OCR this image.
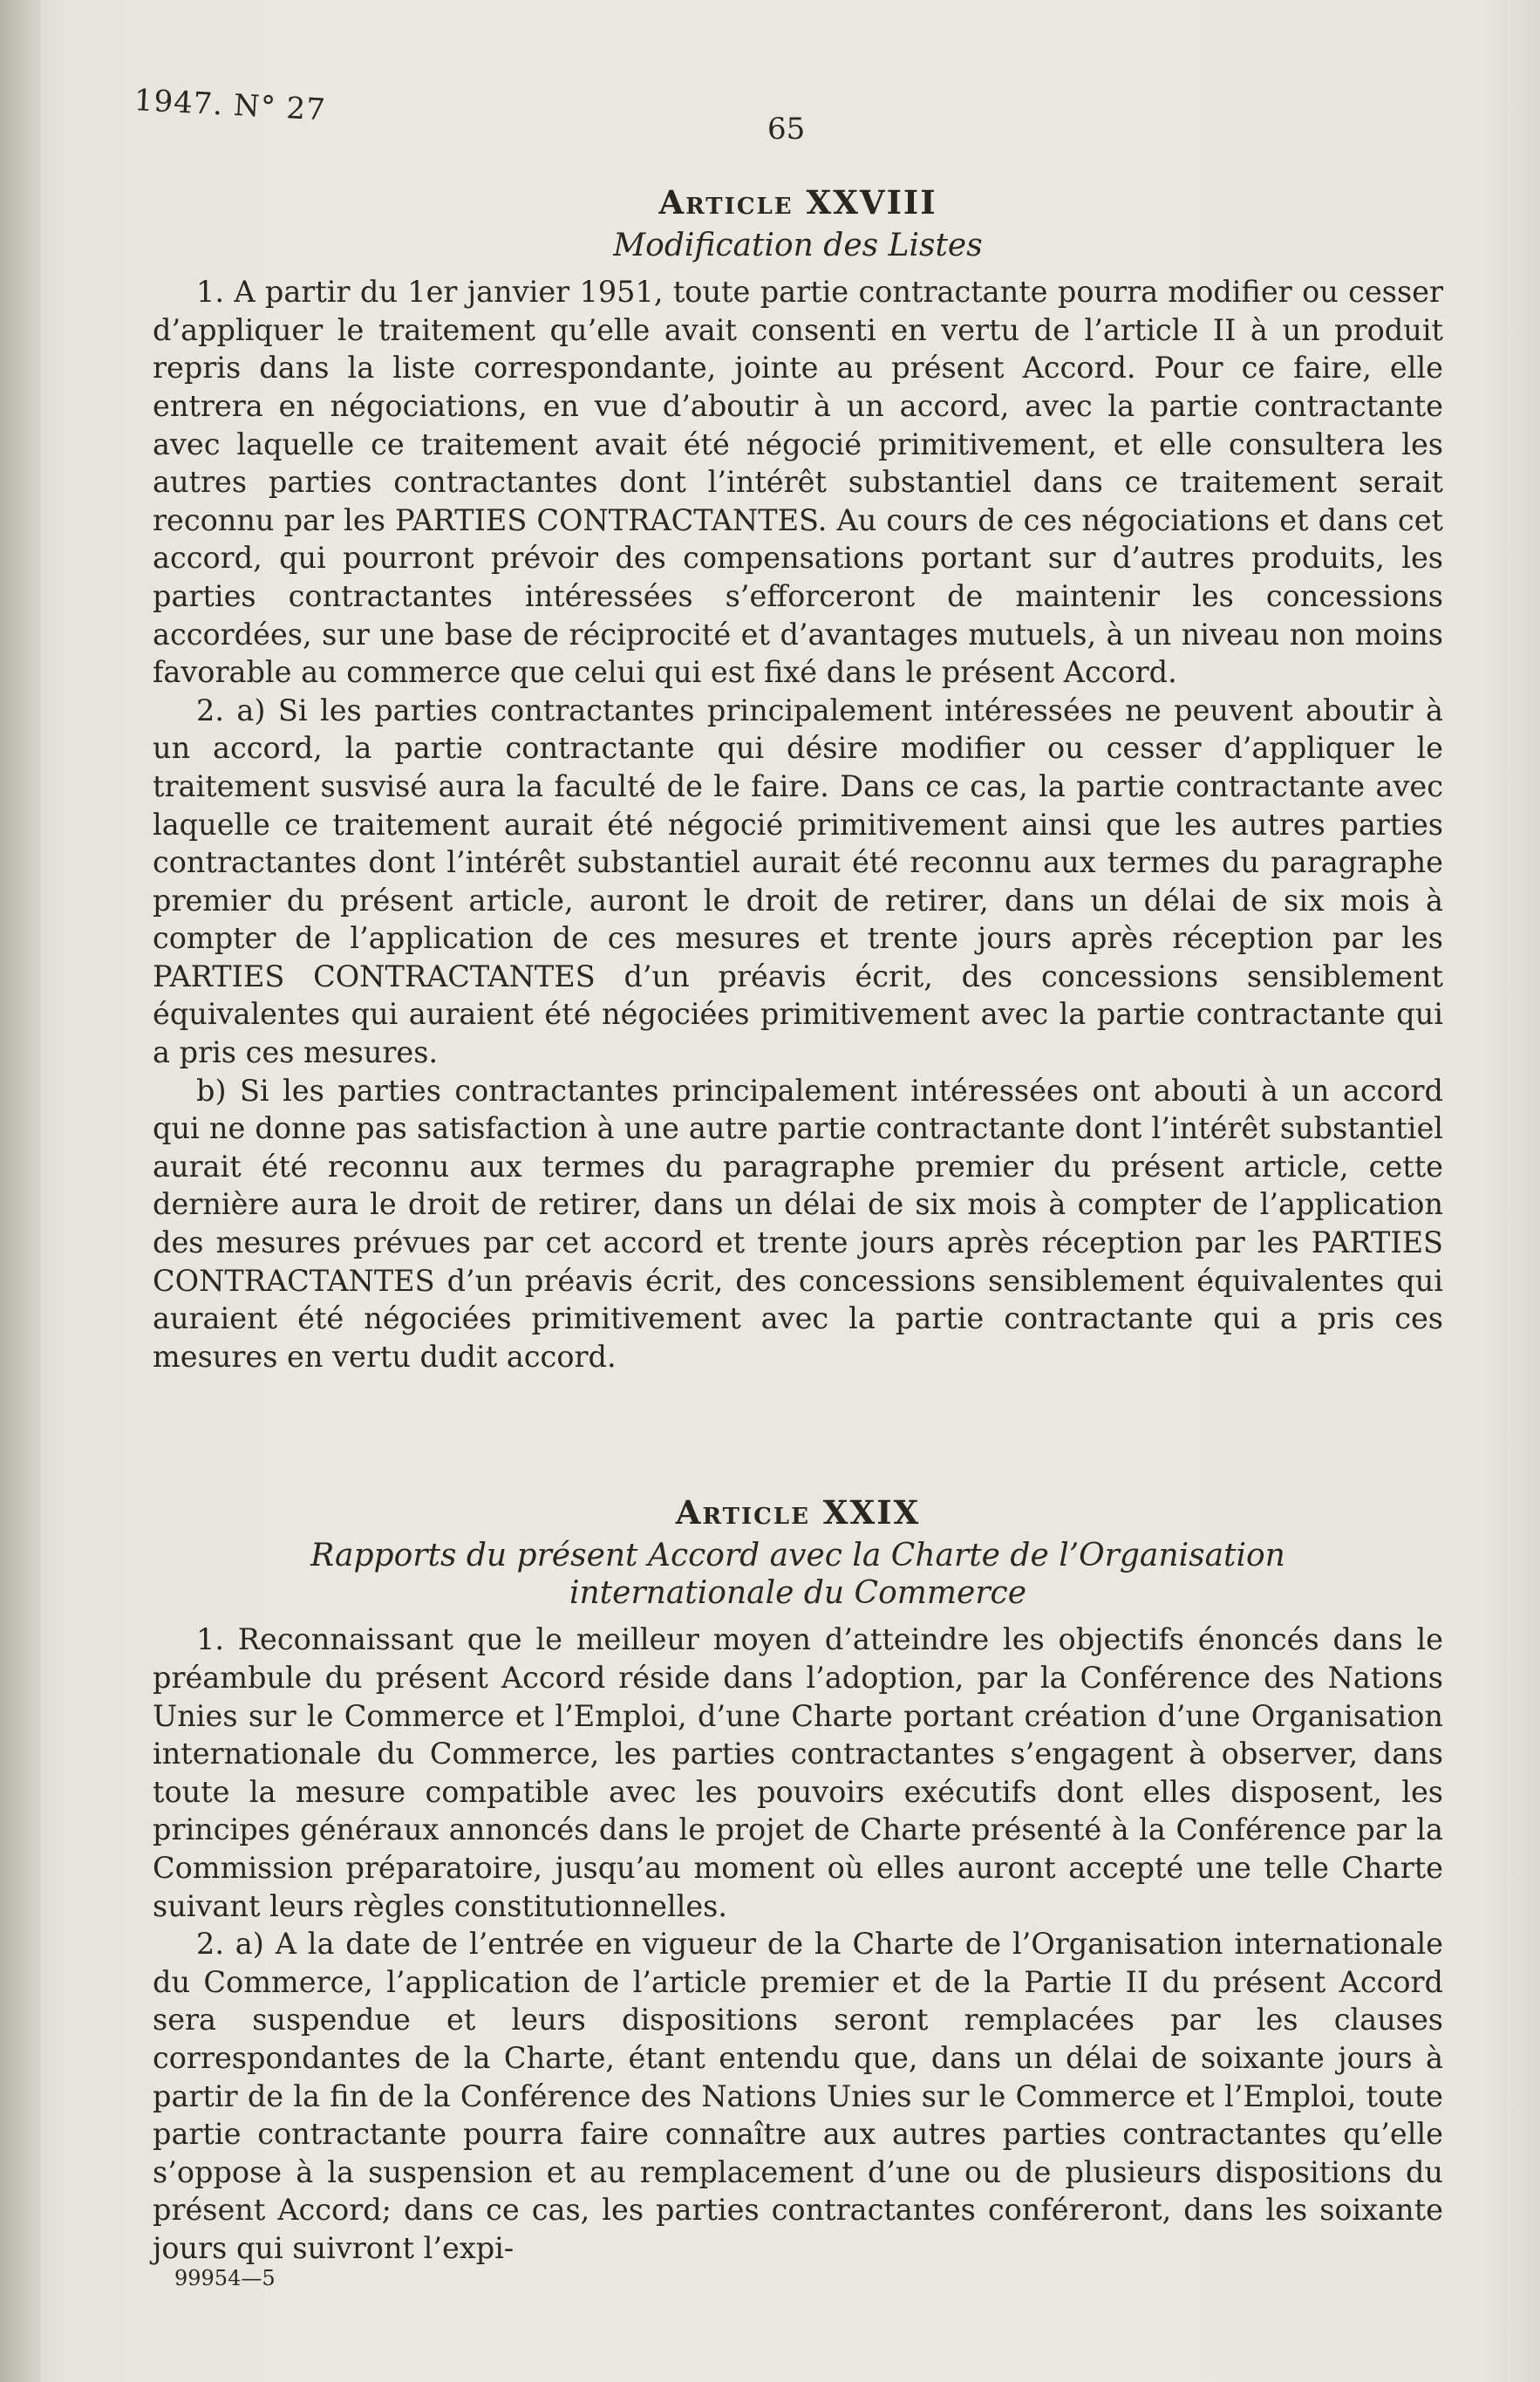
1947. N° 27
65
Article XXVIII
Modification des Listes

1. A partir du 1er janvier 1951, toute partie contractante pourra modifier ou cesser d’appliquer le traitement qu’elle avait consenti en vertu de l’article II à un produit repris dans la liste correspondante, jointe au présent Accord. Pour ce faire, elle entrera en négociations, en vue d’aboutir à un accord, avec la partie contractante avec laquelle ce traitement avait été négocié primitivement, et elle consultera les autres parties contractantes dont l’intérêt substantiel dans ce traitement serait reconnu par les PARTIES CONTRACTANTES. Au cours de ces négociations et dans cet accord, qui pourront prévoir des compensations portant sur d’autres produits, les parties contractantes intéressées s’efforceront de maintenir les concessions accordées, sur une base de réciprocité et d’avantages mutuels, à un niveau non moins favorable au commerce que celui qui est fixé dans le présent Accord.

2. a) Si les parties contractantes principalement intéressées ne peuvent aboutir à un accord, la partie contractante qui désire modifier ou cesser d’appliquer le traitement susvisé aura la faculté de le faire. Dans ce cas, la partie contractante avec laquelle ce traitement aurait été négocié primitivement ainsi que les autres parties contractantes dont l’intérêt substantiel aurait été reconnu aux termes du paragraphe premier du présent article, auront le droit de retirer, dans un délai de six mois à compter de l’application de ces mesures et trente jours après réception par les PARTIES CONTRACTANTES d’un préavis écrit, des concessions sensiblement équivalentes qui auraient été négociées primitivement avec la partie contractante qui a pris ces mesures.

b) Si les parties contractantes principalement intéressées ont abouti à un accord qui ne donne pas satisfaction à une autre partie contractante dont l’intérêt substantiel aurait été reconnu aux termes du paragraphe premier du présent article, cette dernière aura le droit de retirer, dans un délai de six mois à compter de l’application des mesures prévues par cet accord et trente jours après réception par les PARTIES CONTRACTANTES d’un préavis écrit, des concessions sensiblement équivalentes qui auraient été négociées primitivement avec la partie contractante qui a pris ces mesures en vertu dudit accord.

Article XXIX
Rapports du présent Accord avec la Charte de l’Organisation internationale du Commerce

1. Reconnaissant que le meilleur moyen d’atteindre les objectifs énoncés dans le préambule du présent Accord réside dans l’adoption, par la Conférence des Nations Unies sur le Commerce et l’Emploi, d’une Charte portant création d’une Organisation internationale du Commerce, les parties contractantes s’engagent à observer, dans toute la mesure compatible avec les pouvoirs exécutifs dont elles disposent, les principes généraux annoncés dans le projet de Charte présenté à la Conférence par la Commission préparatoire, jusqu’au moment où elles auront accepté une telle Charte suivant leurs règles constitutionnelles.

2. a) A la date de l’entrée en vigueur de la Charte de l’Organisation internationale du Commerce, l’application de l’article premier et de la Partie II du présent Accord sera suspendue et leurs dispositions seront remplacées par les clauses correspondantes de la Charte, étant entendu que, dans un délai de soixante jours à partir de la fin de la Conférence des Nations Unies sur le Commerce et l’Emploi, toute partie contractante pourra faire connaître aux autres parties contractantes qu’elle s’oppose à la suspension et au remplacement d’une ou de plusieurs dispositions du présent Accord; dans ce cas, les parties contractantes conféreront, dans les soixante jours qui suivront l’expi-

99954—5
